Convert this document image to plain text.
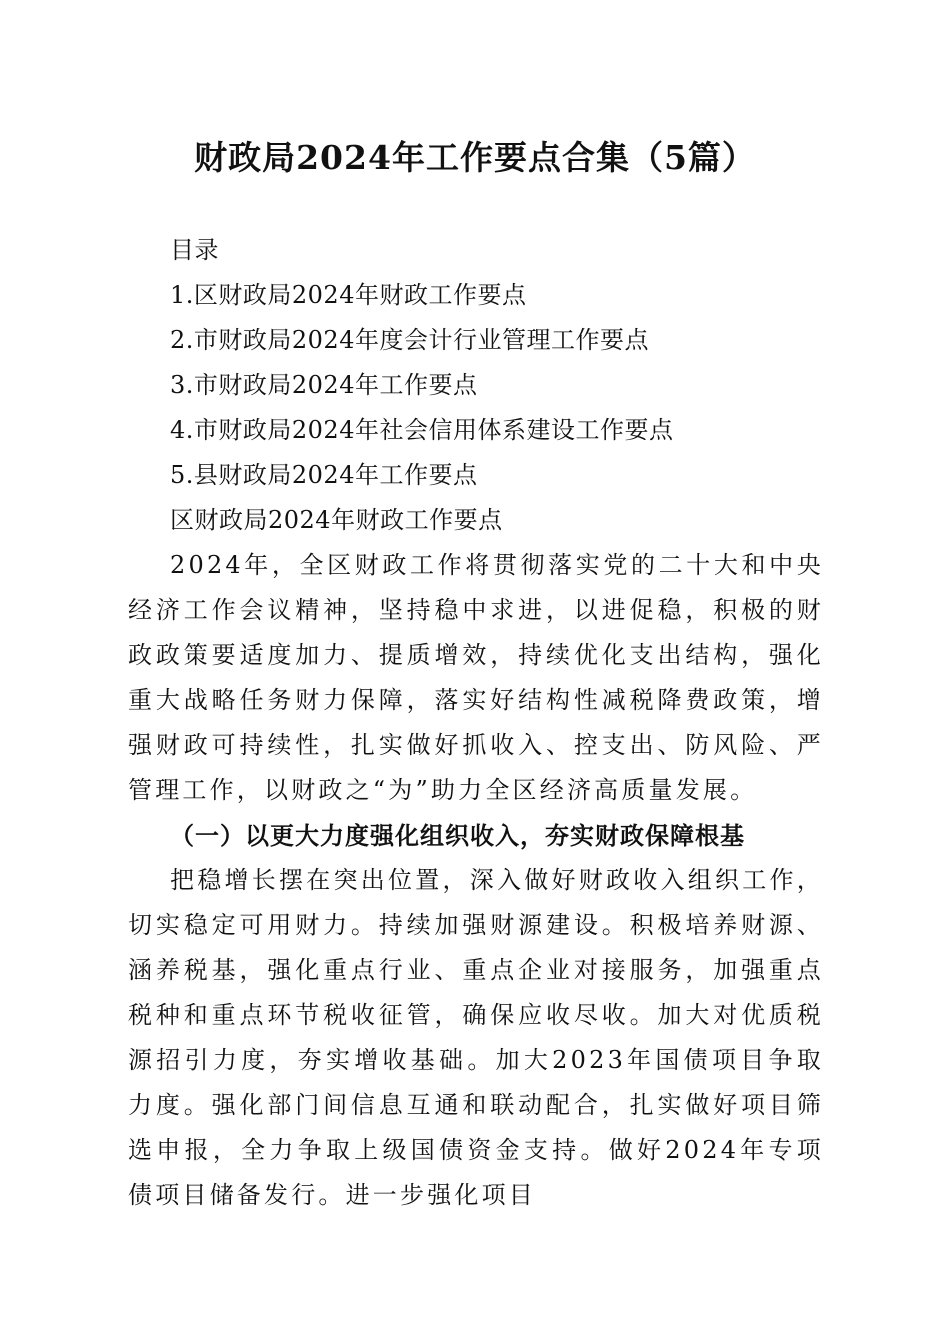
财政局2024年工作要点合集（5篇）
目录
1.区财政局2024年财政工作要点
2.市财政局2024年度会计行业管理工作要点
3.市财政局2024年工作要点
4.市财政局2024年社会信用体系建设工作要点
5.县财政局2024年工作要点
区财政局2024年财政工作要点
2024年，全区财政工作将贯彻落实党的二十大和中央经济工作会议精神，坚持稳中求进，以进促稳，积极的财政政策要适度加力、提质增效，持续优化支出结构，强化重大战略任务财力保障，落实好结构性减税降费政策，增强财政可持续性，扎实做好抓收入、控支出、防风险、严管理工作，以财政之“为”助力全区经济高质量发展。
（一）以更大力度强化组织收入，夯实财政保障根基
把稳增长摆在突出位置，深入做好财政收入组织工作，切实稳定可用财力。持续加强财源建设。积极培养财源、涵养税基，强化重点行业、重点企业对接服务，加强重点税种和重点环节税收征管，确保应收尽收。加大对优质税源招引力度，夯实增收基础。加大2023年国债项目争取力度。强化部门间信息互通和联动配合，扎实做好项目筛选申报，全力争取上级国债资金支持。做好2024年专项债项目储备发行。进一步强化项目
